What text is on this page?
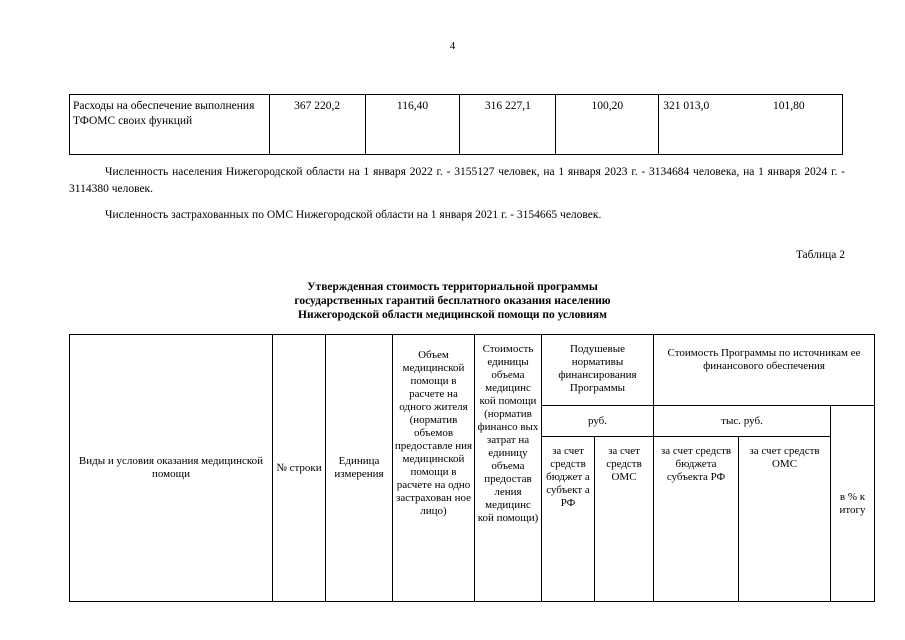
4
Расходы на обеспечение выполнения ТФОМС своих функций	367 220,2	116,40	316 227,1	100,20	321 013,0	101,80
Численность населения Нижегородской области на 1 января 2022 г. - 3155127 человек, на 1 января 2023 г. - 3134684 человека, на 1 января 2024 г. - 3114380 человек.
Численность застрахованных по ОМС Нижегородской области на 1 января 2021 г. - 3154665 человек.
Таблица 2
Утвержденная стоимость территориальной программы
государственных гарантий бесплатного оказания населению
Нижегородской области медицинской помощи по условиям
Виды и условия оказания медицинской помощи	№ строки	Единица измерения	Объем медицинской помощи в расчете на одного жителя (норматив объемов предоставле ния медицинской помощи в расчете на одно застрахован ное лицо)	Стоимость единицы объема медицинс кой помощи (норматив финансо вых затрат на единицу объема предостав ления медицинс кой помощи)	Подушевые нормативы финансирования Программы		Стоимость Программы по источникам ее финансового обеспечения		
					руб.		тыс. руб.		в % к итогу
					за счет средств бюджет а субъект а РФ	за счет средств ОМС	за счет средств бюджета субъекта РФ	за счет средств ОМС	
